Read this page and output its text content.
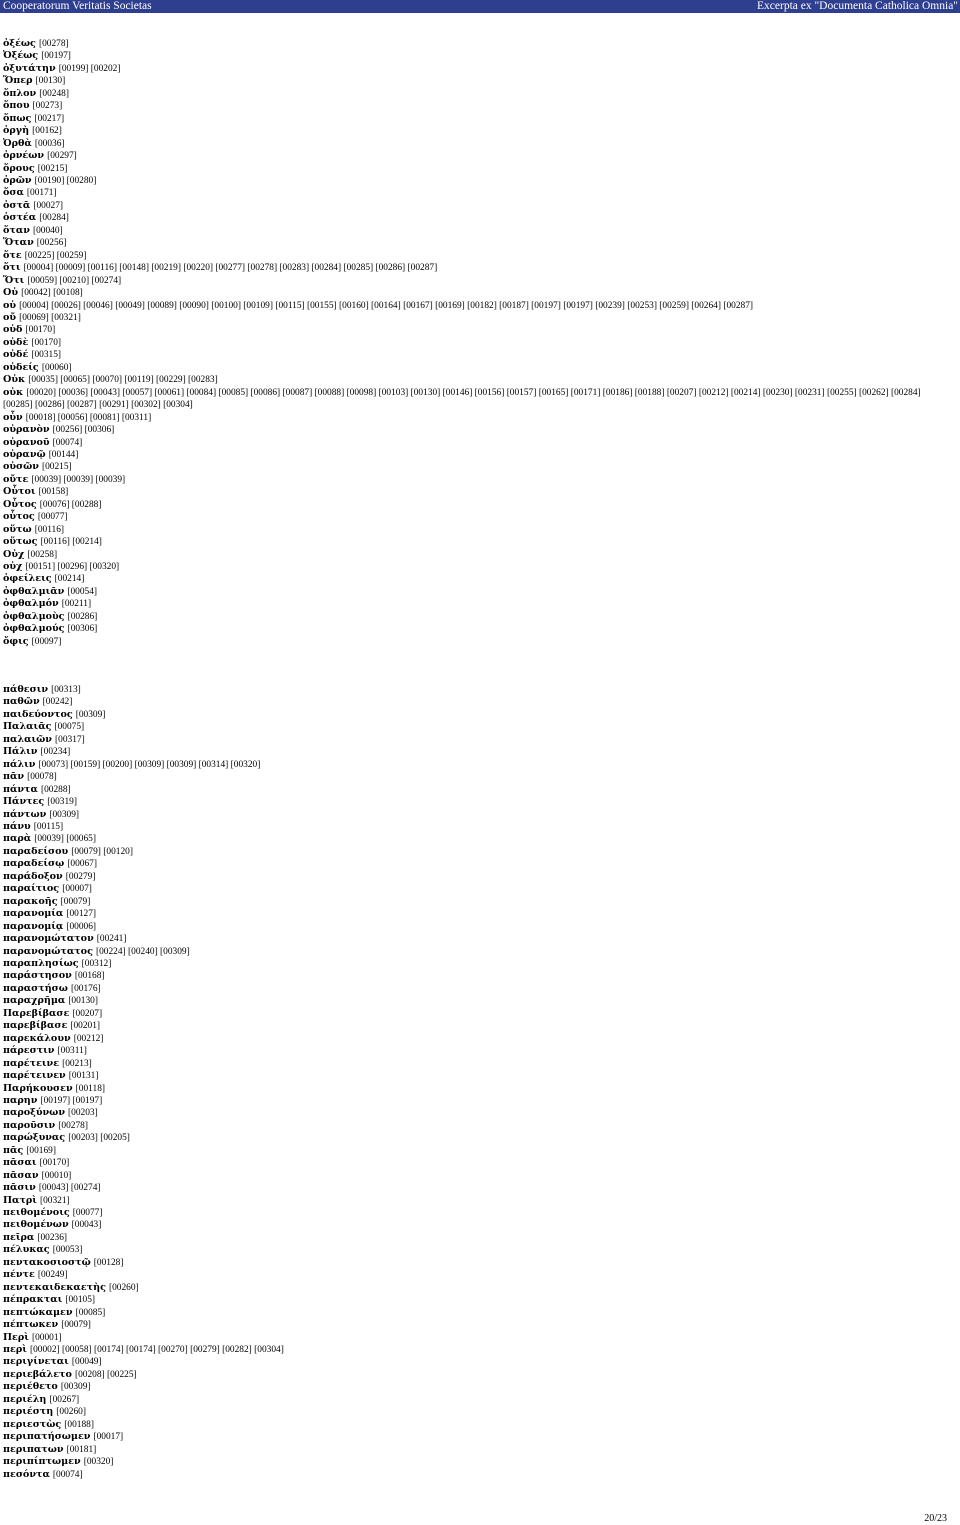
Cooperatorum Veritatis Societas	Excerpta ex "Documenta Catholica Omnia"
ὀξέως [00278]
Ὀξέως [00197]
ὀξυτάτην [00199] [00202]
Ὅπερ [00130]
ὅπλον [00248]
ὅπου [00273]
ὅπως [00217]
ὀργὴ [00162]
Ὀρθὰ [00036]
ὀρνέων [00297]
ὅρους [00215]
ὁρῶν [00190] [00280]
ὅσα [00171]
ὀστᾶ [00027]
ὀστέα [00284]
ὅταν [00040]
Ὅταν [00256]
ὅτε [00225] [00259]
ὅτι [00004] [00009] [00116] [00148] [00219] [00220] [00277] [00278] [00283] [00284] [00285] [00286] [00287]
Ὅτι [00059] [00210] [00274]
Οὐ [00042] [00108]
οὐ [00004] [00026] [00046] [00049] [00089] [00090] [00100] [00109] [00115] [00155] [00160] [00164] [00167] [00169] [00182] [00187] [00197] [00197] [00239] [00253] [00259] [00264] [00287]
οὔ [00069] [00321]
οὐδ [00170]
οὐδὲ [00170]
οὐδέ [00315]
οὐδείς [00060]
Οὐκ [00035] [00065] [00070] [00119] [00229] [00283]
οὐκ [00020] [00036] [00043] [00057] [00061] [00084] [00085] [00086] [00087] [00088] [00098] [00103] [00130] [00146] [00156] [00157] [00165] [00171] [00186] [00188] [00207] [00212] [00214] [00230] [00231] [00255] [00262] [00284] [00285] [00286] [00287] [00291] [00302] [00304]
οὖν [00018] [00056] [00081] [00311]
οὐρανὸν [00256] [00306]
οὐρανοῦ [00074]
οὐρανῷ [00144]
οὐσῶν [00215]
οὔτε [00039] [00039] [00039]
Οὗτοι [00158]
Οὗτος [00076] [00288]
οὗτος [00077]
οὕτω [00116]
οὕτως [00116] [00214]
Οὐχ [00258]
οὐχ [00151] [00296] [00320]
ὀφείλεις [00214]
ὀφθαλμιᾶν [00054]
ὀφθαλμόν [00211]
ὀφθαλμοὺς [00286]
ὀφθαλμούς [00306]
ὄφις [00097]
πάθεσιν [00313]
παθῶν [00242]
παιδεύοντος [00309]
Παλαιᾶς [00075]
παλαιῶν [00317]
Πάλιν [00234]
πάλιν [00073] [00159] [00200] [00309] [00309] [00314] [00320]
πᾶν [00078]
πάντα [00288]
Πάντες [00319]
πάντων [00309]
πάνυ [00115]
παρὰ [00039] [00065]
παραδείσου [00079] [00120]
παραδείσῳ [00067]
παράδοξον [00279]
παραίτιος [00007]
παρακοῆς [00079]
παρανομία [00127]
παρανομίᾳ [00006]
παρανομώτατον [00241]
παρανομώτατος [00224] [00240] [00309]
παραπλησίως [00312]
παράστησον [00168]
παραστήσω [00176]
παραχρῆμα [00130]
Παρεβίβασε [00207]
παρεβίβασε [00201]
παρεκάλουν [00212]
πάρεστιν [00311]
παρέτεινε [00213]
παρέτεινεν [00131]
Παρήκουσεν [00118]
παρην [00197] [00197]
παροξύνων [00203]
παροῦσιν [00278]
παρώξυνας [00203] [00205]
πᾶς [00169]
πᾶσαι [00170]
πᾶσαν [00010]
πᾶσιν [00043] [00274]
Πατρὶ [00321]
πειθομένοις [00077]
πειθομένων [00043]
πεῖρα [00236]
πέλυκας [00053]
πεντακοσιοστῷ [00128]
πέντε [00249]
πεντεκαιδεκαετὴς [00260]
πέπρακται [00105]
πεπτώκαμεν [00085]
πέπτωκεν [00079]
Περὶ [00001]
περὶ [00002] [00058] [00174] [00174] [00270] [00279] [00282] [00304]
περιγίνεται [00049]
περιεβάλετο [00208] [00225]
περιέθετο [00309]
περιέλη [00267]
περιέστη [00260]
περιεστὼς [00188]
περιπατήσωμεν [00017]
περιπατων [00181]
περιπίπτωμεν [00320]
πεσόντα [00074]
20/23
